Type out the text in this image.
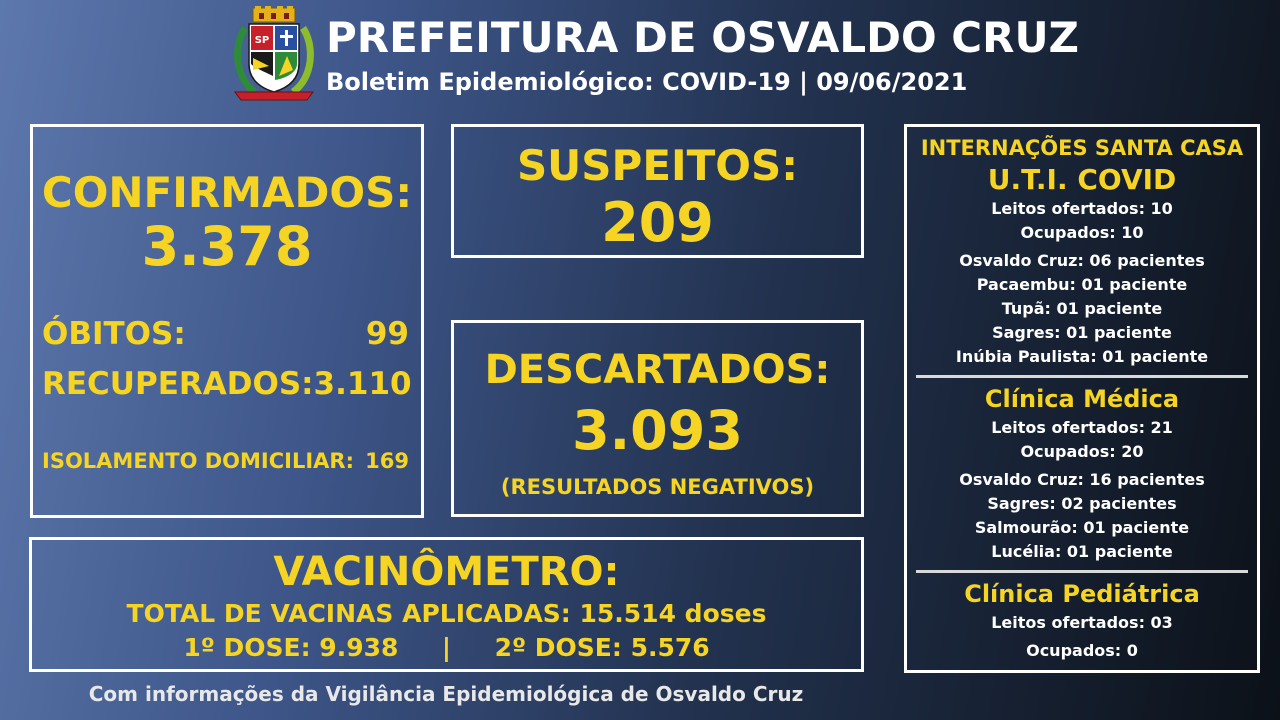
SP PREFEITURA DE OSVALDO CRUZ
Boletim Epidemiológico: COVID-19 | 09/06/2021
CONFIRMADOS:
3.378
ÓBITOS:	99
RECUPERADOS: 3.110
ISOLAMENTO DOMICILIAR: 169
SUSPEITOS:
209
DESCARTADOS:
3.093
(RESULTADOS NEGATIVOS)
VACINÔMETRO:
TOTAL DE VACINAS APLICADAS: 15.514 doses
1º DOSE: 9.938 | 2º DOSE: 5.576
Com informações da Vigilância Epidemiológica de Osvaldo Cruz
INTERNAÇÕES SANTA CASA
U.T.I. COVID
Leitos ofertados: 10
Ocupados: 10
Osvaldo Cruz: 06 pacientes
Pacaembu: 01 paciente
Tupã: 01 paciente
Sagres: 01 paciente
Inúbia Paulista: 01 paciente
Clínica Médica
Leitos ofertados: 21
Ocupados: 20
Osvaldo Cruz: 16 pacientes
Sagres: 02 pacientes
Salmourão: 01 paciente
Lucélia: 01 paciente
Clínica Pediátrica
Leitos ofertados: 03
Ocupados: 0
